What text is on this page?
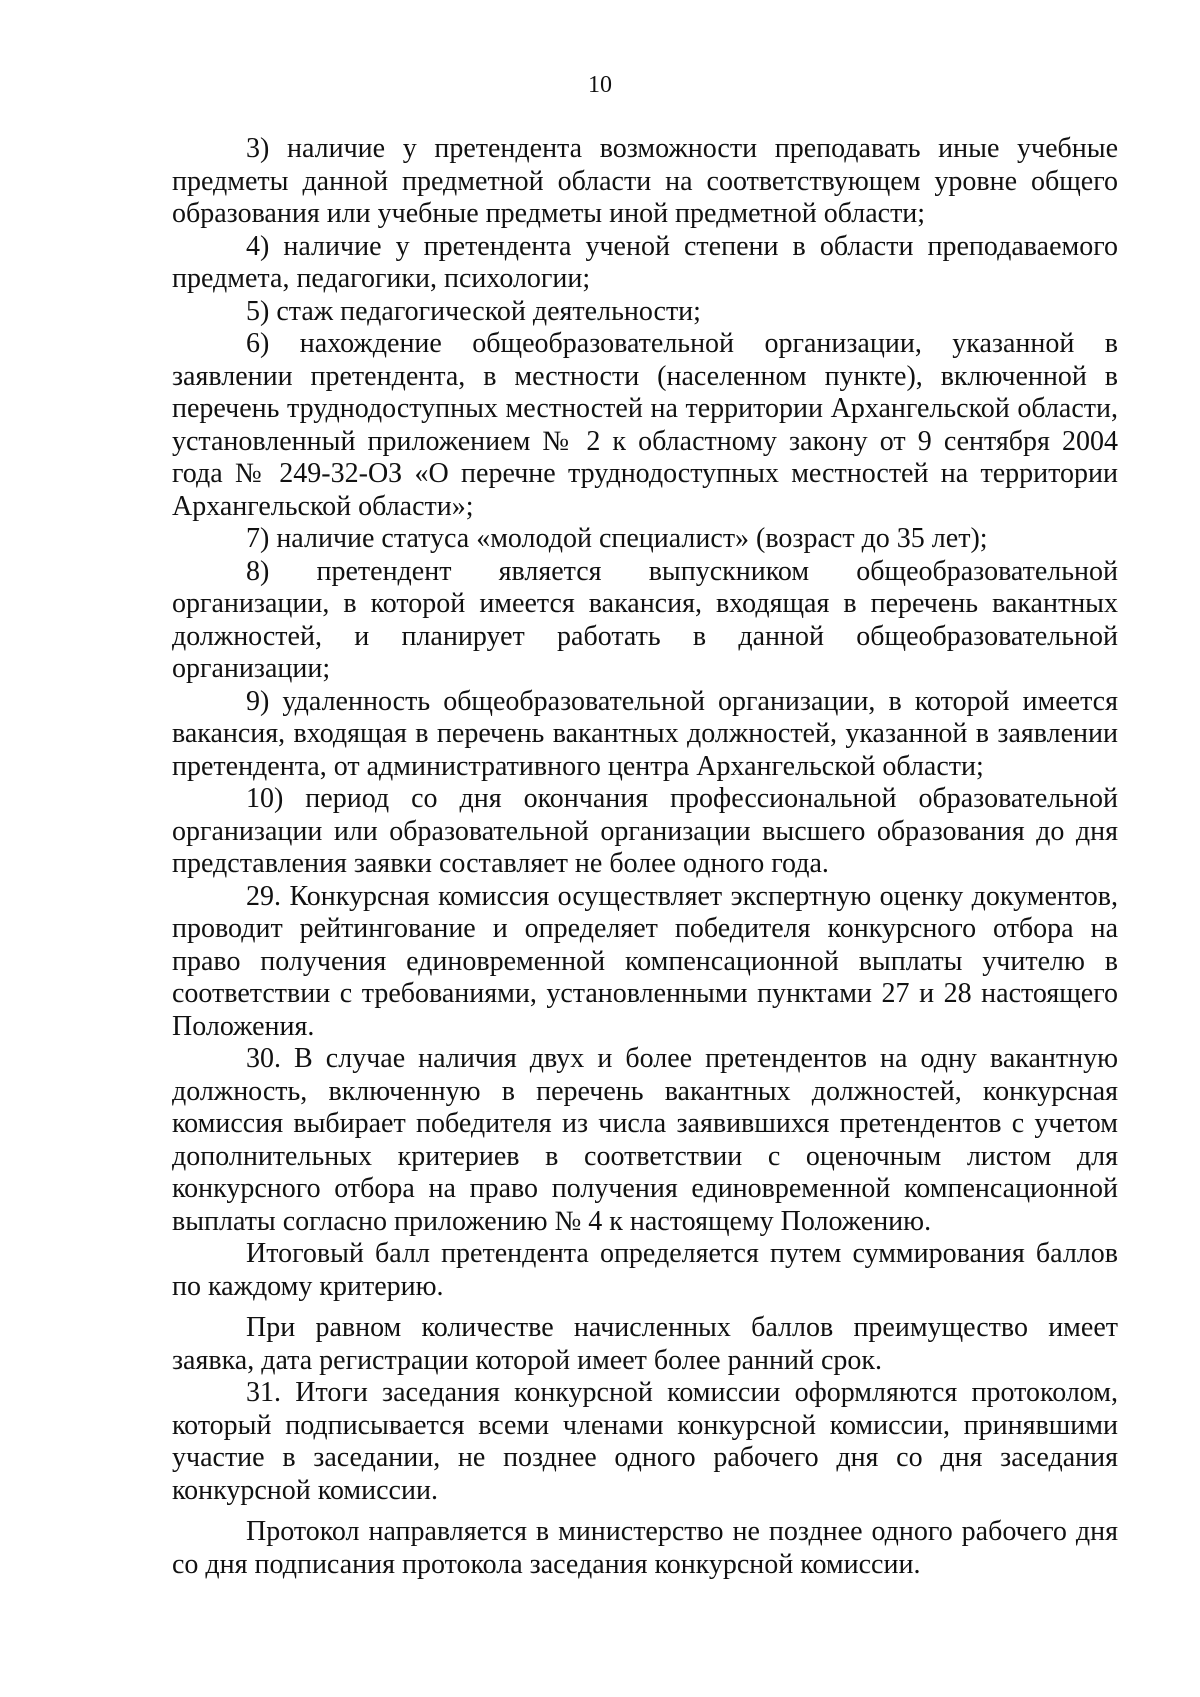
10

3) наличие у претендента возможности преподавать иные учебные предметы данной предметной области на соответствующем уровне общего образования или учебные предметы иной предметной области;

4) наличие у претендента ученой степени в области преподаваемого предмета, педагогики, психологии;

5) стаж педагогической деятельности;

6) нахождение общеобразовательной организации, указанной в заявлении претендента, в местности (населенном пункте), включенной в перечень труднодоступных местностей на территории Архангельской области, установленный приложением № 2 к областному закону от 9 сентября 2004 года № 249-32-ОЗ «О перечне труднодоступных местностей на территории Архангельской области»;

7) наличие статуса «молодой специалист» (возраст до 35 лет);

8) претендент является выпускником общеобразовательной организации, в которой имеется вакансия, входящая в перечень вакантных должностей, и планирует работать в данной общеобразовательной организации;

9) удаленность общеобразовательной организации, в которой имеется вакансия, входящая в перечень вакантных должностей, указанной в заявлении претендента, от административного центра Архангельской области;

10) период со дня окончания профессиональной образовательной организации или образовательной организации высшего образования до дня представления заявки составляет не более одного года.

29. Конкурсная комиссия осуществляет экспертную оценку документов, проводит рейтингование и определяет победителя конкурсного отбора на право получения единовременной компенсационной выплаты учителю в соответствии с требованиями, установленными пунктами 27 и 28 настоящего Положения.

30. В случае наличия двух и более претендентов на одну вакантную должность, включенную в перечень вакантных должностей, конкурсная комиссия выбирает победителя из числа заявившихся претендентов с учетом дополнительных критериев в соответствии с оценочным листом для конкурсного отбора на право получения единовременной компенсационной выплаты согласно приложению № 4 к настоящему Положению.

Итоговый балл претендента определяется путем суммирования баллов по каждому критерию.

При равном количестве начисленных баллов преимущество имеет заявка, дата регистрации которой имеет более ранний срок.

31. Итоги заседания конкурсной комиссии оформляются протоколом, который подписывается всеми членами конкурсной комиссии, принявшими участие в заседании, не позднее одного рабочего дня со дня заседания конкурсной комиссии.

Протокол направляется в министерство не позднее одного рабочего дня со дня подписания протокола заседания конкурсной комиссии.
